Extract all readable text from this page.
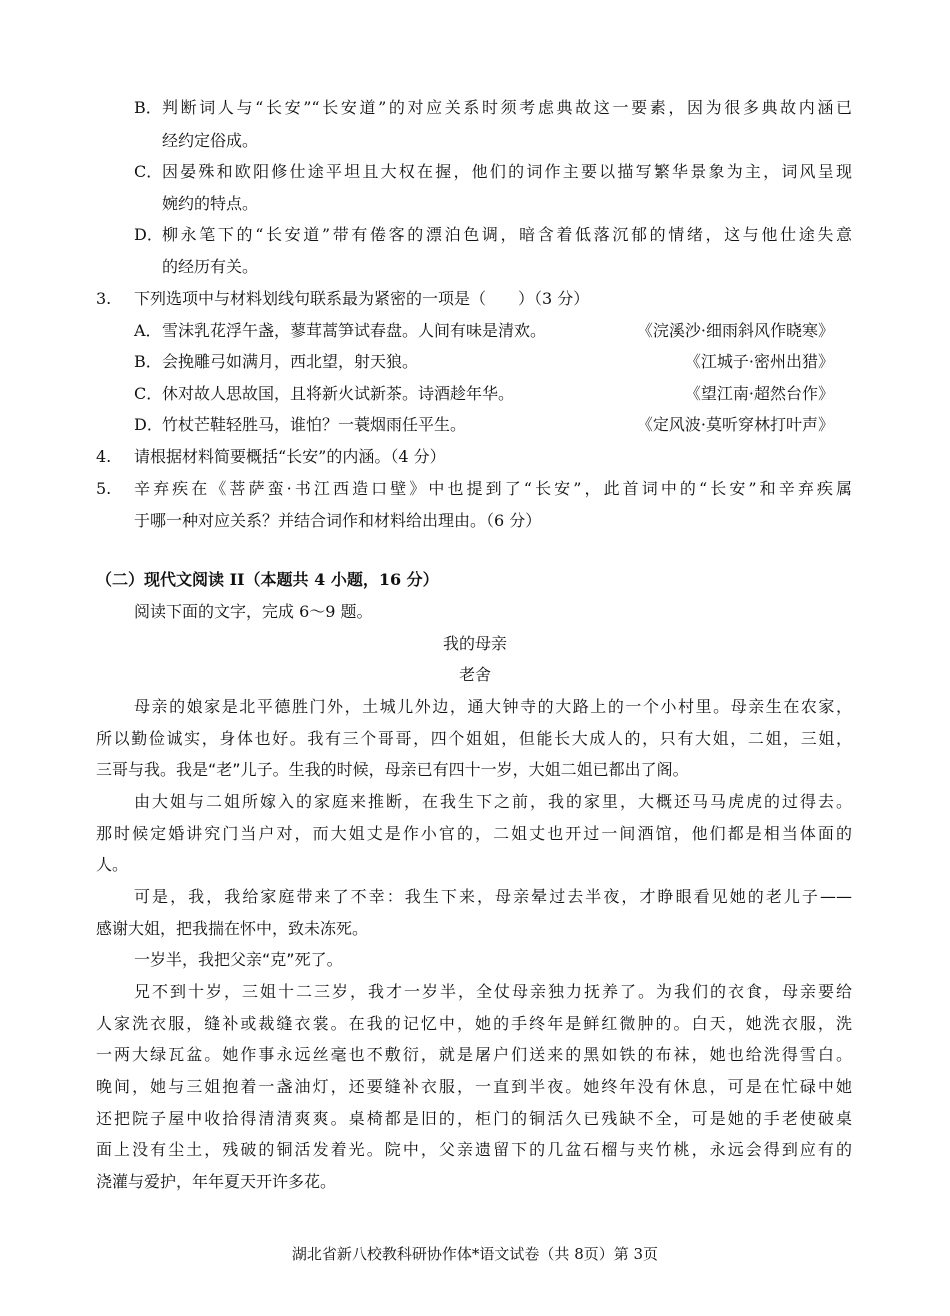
B． 判断词人与“长安”“长安道”的对应关系时须考虑典故这一要素，因为很多典故内涵已
经约定俗成。
C． 因晏殊和欧阳修仕途平坦且大权在握，他们的词作主要以描写繁华景象为主，词风呈现
婉约的特点。
D． 柳永笔下的“长安道”带有倦客的漂泊色调，暗含着低落沉郁的情绪，这与他仕途失意
的经历有关。
3. 下列选项中与材料划线句联系最为紧密的一项是（　　）（3 分）
A． 雪沫乳花浮午盏，蓼茸蒿笋试春盘。人间有味是清欢。	《浣溪沙·细雨斜风作晓寒》
B． 会挽雕弓如满月，西北望，射天狼。	《江城子·密州出猎》
C． 休对故人思故国，且将新火试新茶。诗酒趁年华。	《望江南·超然台作》
D． 竹杖芒鞋轻胜马，谁怕？一蓑烟雨任平生。	《定风波·莫听穿林打叶声》
4. 请根据材料简要概括“长安”的内涵。（4 分）
5. 辛弃疾在《菩萨蛮·书江西造口壁》中也提到了“长安”，此首词中的“长安”和辛弃疾属
于哪一种对应关系？并结合词作和材料给出理由。（6 分）
（二）现代文阅读 II（本题共 4 小题，16 分）
阅读下面的文字，完成 6～9 题。
我的母亲
老舍
母亲的娘家是北平德胜门外，土城儿外边，通大钟寺的大路上的一个小村里。母亲生在农家，
所以勤俭诚实，身体也好。我有三个哥哥，四个姐姐，但能长大成人的，只有大姐，二姐，三姐，
三哥与我。我是“老”儿子。生我的时候，母亲已有四十一岁，大姐二姐已都出了阁。
由大姐与二姐所嫁入的家庭来推断，在我生下之前，我的家里，大概还马马虎虎的过得去。
那时候定婚讲究门当户对，而大姐丈是作小官的，二姐丈也开过一间酒馆，他们都是相当体面的
人。
可是，我，我给家庭带来了不幸：我生下来，母亲晕过去半夜，才睁眼看见她的老儿子——
感谢大姐，把我揣在怀中，致未冻死。
一岁半，我把父亲“克”死了。
兄不到十岁，三姐十二三岁，我才一岁半，全仗母亲独力抚养了。为我们的衣食，母亲要给
人家洗衣服，缝补或裁缝衣裳。在我的记忆中，她的手终年是鲜红微肿的。白天，她洗衣服，洗
一两大绿瓦盆。她作事永远丝毫也不敷衍，就是屠户们送来的黑如铁的布袜，她也给洗得雪白。
晚间，她与三姐抱着一盏油灯，还要缝补衣服，一直到半夜。她终年没有休息，可是在忙碌中她
还把院子屋中收拾得清清爽爽。桌椅都是旧的，柜门的铜活久已残缺不全，可是她的手老使破桌
面上没有尘土，残破的铜活发着光。院中，父亲遗留下的几盆石榴与夹竹桃，永远会得到应有的
浇灌与爱护，年年夏天开许多花。
湖北省新八校教科研协作体*语文试卷（共 8页）第 3页
